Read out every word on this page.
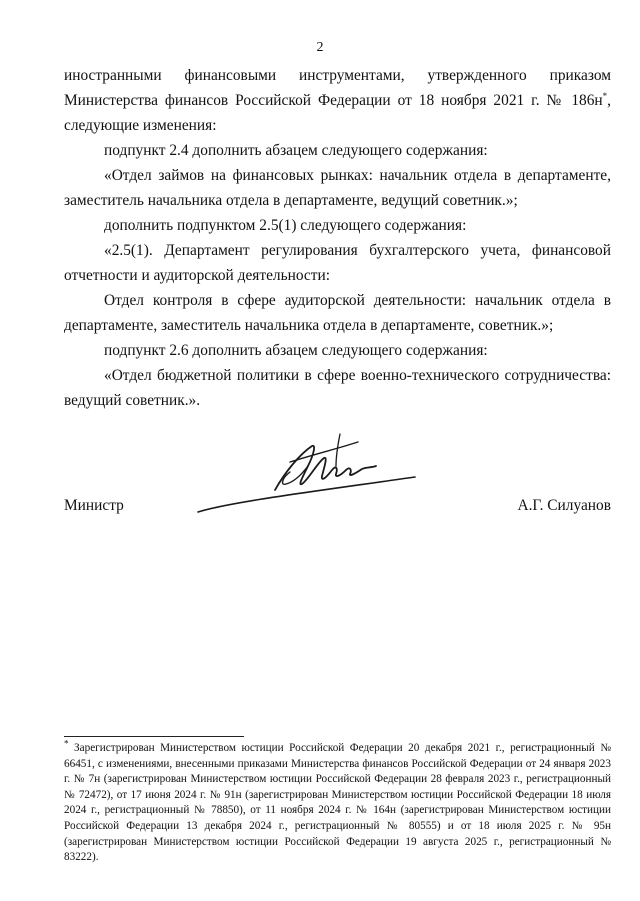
2

иностранными финансовыми инструментами, утвержденного приказом Министерства финансов Российской Федерации от 18 ноября 2021 г. № 186н*, следующие изменения:

подпункт 2.4 дополнить абзацем следующего содержания:

«Отдел займов на финансовых рынках: начальник отдела в департаменте, заместитель начальника отдела в департаменте, ведущий советник.»;

дополнить подпунктом 2.5(1) следующего содержания:

«2.5(1). Департамент регулирования бухгалтерского учета, финансовой отчетности и аудиторской деятельности:

Отдел контроля в сфере аудиторской деятельности: начальник отдела в департаменте, заместитель начальника отдела в департаменте, советник.»;

подпункт 2.6 дополнить абзацем следующего содержания:

«Отдел бюджетной политики в сфере военно-технического сотрудничества: ведущий советник.».

Министр	А.Г. Силуанов
* Зарегистрирован Министерством юстиции Российской Федерации 20 декабря 2021 г., регистрационный № 66451, с изменениями, внесенными приказами Министерства финансов Российской Федерации от 24 января 2023 г. № 7н (зарегистрирован Министерством юстиции Российской Федерации 28 февраля 2023 г., регистрационный № 72472), от 17 июня 2024 г. № 91н (зарегистрирован Министерством юстиции Российской Федерации 18 июля 2024 г., регистрационный № 78850), от 11 ноября 2024 г. № 164н (зарегистрирован Министерством юстиции Российской Федерации 13 декабря 2024 г., регистрационный № 80555) и от 18 июля 2025 г. № 95н (зарегистрирован Министерством юстиции Российской Федерации 19 августа 2025 г., регистрационный № 83222).
